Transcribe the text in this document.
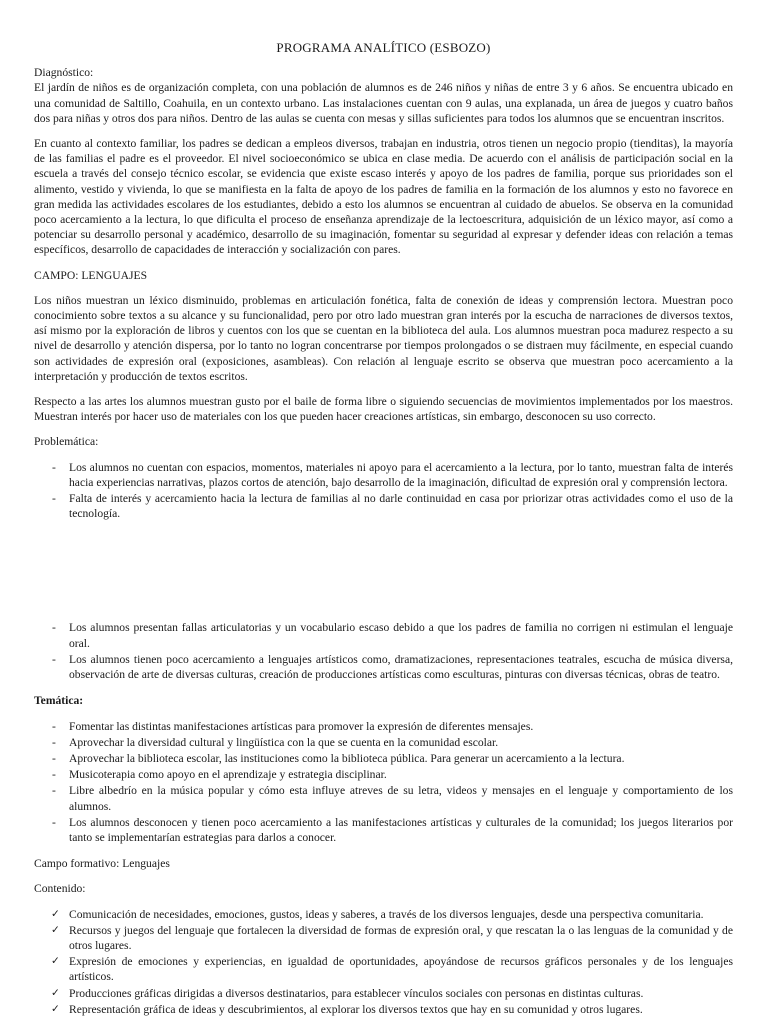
PROGRAMA ANALÍTICO (ESBOZO)

Diagnóstico:

El jardín de niños es de organización completa, con una población de alumnos es de 246 niños y niñas de entre 3 y 6 años. Se encuentra ubicado en una comunidad de Saltillo, Coahuila, en un contexto urbano. Las instalaciones cuentan con 9 aulas, una explanada, un área de juegos y cuatro baños dos para niñas y otros dos para niños. Dentro de las aulas se cuenta con mesas y sillas suficientes para todos los alumnos que se encuentran inscritos.

En cuanto al contexto familiar, los padres se dedican a empleos diversos, trabajan en industria, otros tienen un negocio propio (tienditas), la mayoría de las familias el padre es el proveedor. El nivel socioeconómico se ubica en clase media. De acuerdo con el análisis de participación social en la escuela a través del consejo técnico escolar, se evidencia que existe escaso interés y apoyo de los padres de familia, porque sus prioridades son el alimento, vestido y vivienda, lo que se manifiesta en la falta de apoyo de los padres de familia en la formación de los alumnos y esto no favorece en gran medida las actividades escolares de los estudiantes, debido a esto los alumnos se encuentran al cuidado de abuelos. Se observa en la comunidad poco acercamiento a la lectura, lo que dificulta el proceso de enseñanza aprendizaje de la lectoescritura, adquisición de un léxico mayor, así como a potenciar su desarrollo personal y académico, desarrollo de su imaginación, fomentar su seguridad al expresar y defender ideas con relación a temas específicos, desarrollo de capacidades de interacción y socialización con pares.

CAMPO: LENGUAJES

Los niños muestran un léxico disminuido, problemas en articulación fonética, falta de conexión de ideas y comprensión lectora. Muestran poco conocimiento sobre textos a su alcance y su funcionalidad, pero por otro lado muestran gran interés por la escucha de narraciones de diversos textos, así mismo por la exploración de libros y cuentos con los que se cuentan en la biblioteca del aula. Los alumnos muestran poca madurez respecto a su nivel de desarrollo y atención dispersa, por lo tanto no logran concentrarse por tiempos prolongados o se distraen muy fácilmente, en especial cuando son actividades de expresión oral (exposiciones, asambleas). Con relación al lenguaje escrito se observa que muestran poco acercamiento a la interpretación y producción de textos escritos.

Respecto a las artes los alumnos muestran gusto por el baile de forma libre o siguiendo secuencias de movimientos implementados por los maestros. Muestran interés por hacer uso de materiales con los que pueden hacer creaciones artísticas, sin embargo, desconocen su uso correcto.

Problemática:

- Los alumnos no cuentan con espacios, momentos, materiales ni apoyo para el acercamiento a la lectura, por lo tanto, muestran falta de interés hacia experiencias narrativas, plazos cortos de atención, bajo desarrollo de la imaginación, dificultad de expresión oral y comprensión lectora.
- Falta de interés y acercamiento hacia la lectura de familias al no darle continuidad en casa por priorizar otras actividades como el uso de la tecnología.
- Los alumnos presentan fallas articulatorias y un vocabulario escaso debido a que los padres de familia no corrigen ni estimulan el lenguaje oral.
- Los alumnos tienen poco acercamiento a lenguajes artísticos como, dramatizaciones, representaciones teatrales, escucha de música diversa, observación de arte de diversas culturas, creación de producciones artísticas como esculturas, pinturas con diversas técnicas, obras de teatro.

Temática:

- Fomentar las distintas manifestaciones artísticas para promover la expresión de diferentes mensajes.
- Aprovechar la diversidad cultural y lingüística con la que se cuenta en la comunidad escolar.
- Aprovechar la biblioteca escolar, las instituciones como la biblioteca pública. Para generar un acercamiento a la lectura.
- Musicoterapia como apoyo en el aprendizaje y estrategia disciplinar.
- Libre albedrío en la música popular y cómo esta influye atreves de su letra, videos y mensajes en el lenguaje y comportamiento de los alumnos.
- Los alumnos desconocen y tienen poco acercamiento a las manifestaciones artísticas y culturales de la comunidad; los juegos literarios por tanto se implementarían estrategias para darlos a conocer.

Campo formativo: Lenguajes

Contenido:

✓ Comunicación de necesidades, emociones, gustos, ideas y saberes, a través de los diversos lenguajes, desde una perspectiva comunitaria.
✓ Recursos y juegos del lenguaje que fortalecen la diversidad de formas de expresión oral, y que rescatan la o las lenguas de la comunidad y de otros lugares.
✓ Expresión de emociones y experiencias, en igualdad de oportunidades, apoyándose de recursos gráficos personales y de los lenguajes artísticos.
✓ Producciones gráficas dirigidas a diversos destinatarios, para establecer vínculos sociales con personas en distintas culturas.
✓ Representación gráfica de ideas y descubrimientos, al explorar los diversos textos que hay en su comunidad y otros lugares.
